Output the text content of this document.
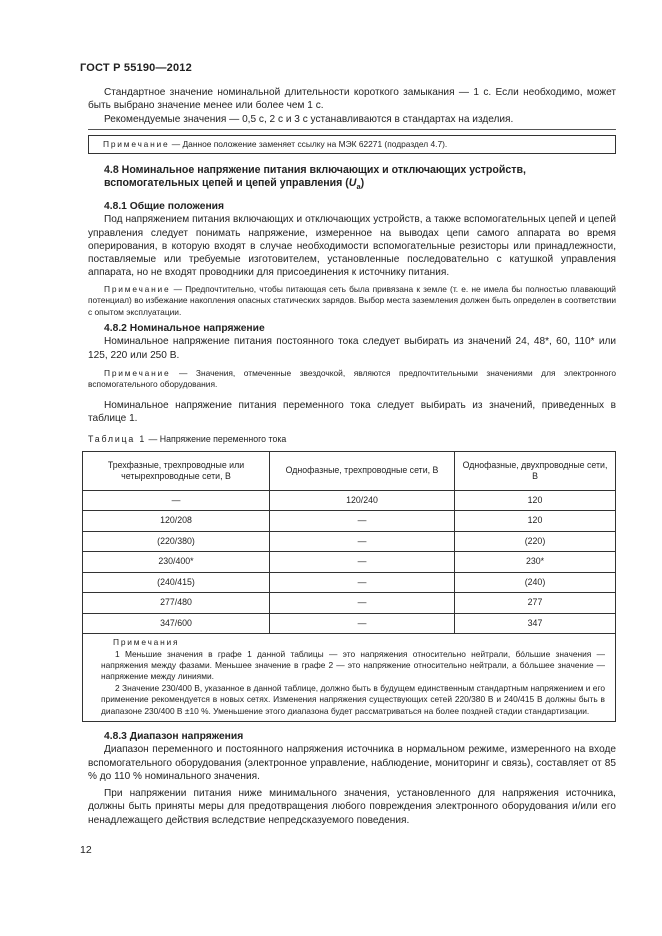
ГОСТ Р 55190—2012

Стандартное значение номинальной длительности короткого замыкания — 1 с. Если необходимо, может быть выбрано значение менее или более чем 1 с.

Рекомендуемые значения — 0,5 с, 2 с и 3 с устанавливаются в стандартах на изделия.

Примечание — Данное положение заменяет ссылку на МЭК 62271 (подраздел 4.7).

4.8 Номинальное напряжение питания включающих и отключающих устройств, вспомогательных цепей и цепей управления $(U_a)$

4.8.1 Общие положения

Под напряжением питания включающих и отключающих устройств, а также вспомогательных цепей и цепей управления следует понимать напряжение, измеренное на выводах цепи самого аппарата во время оперирования, в которую входят в случае необходимости вспомогательные резисторы или принадлежности, поставляемые или требуемые изготовителем, установленные последовательно с катушкой управления аппарата, но не входят проводники для присоединения к источнику питания.

Примечание — Предпочтительно, чтобы питающая сеть была привязана к земле (т. е. не имела бы полностью плавающий потенциал) во избежание накопления опасных статических зарядов. Выбор места заземления должен быть определен в соответствии с опытом эксплуатации.

4.8.2 Номинальное напряжение

Номинальное напряжение питания постоянного тока следует выбирать из значений 24, 48*, 60, 110* или 125, 220 или 250 В.

Примечание — Значения, отмеченные звездочкой, являются предпочтительными значениями для электронного вспомогательного оборудования.

Номинальное напряжение питания переменного тока следует выбирать из значений, приведенных в таблице 1.

Таблица 1 — Напряжение переменного тока

Трехфазные, трехпроводные или четырехпроводные сети, В	Однофазные, трехпроводные сети, В	Однофазные, двухпроводные сети, В
—	120/240	120
120/208	—	120
(220/380)	—	(220)
230/400*	—	230*
(240/415)	—	(240)
277/480	—	277
347/600	—	347

Примечания

1 Меньшие значения в графе 1 данной таблицы — это напряжения относительно нейтрали, бóльшие значения — напряжения между фазами. Меньшее значение в графе 2 — это напряжение относительно нейтрали, а бóльшее значение — напряжение между линиями.

2 Значение 230/400 В, указанное в данной таблице, должно быть в будущем единственным стандартным напряжением и его применение рекомендуется в новых сетях. Изменения напряжения существующих сетей 220/380 В и 240/415 В должны быть в диапазоне 230/400 В ±10 %. Уменьшение этого диапазона будет рассматриваться на более поздней стадии стандартизации.

4.8.3 Диапазон напряжения

Диапазон переменного и постоянного напряжения источника в нормальном режиме, измеренного на входе вспомогательного оборудования (электронное управление, наблюдение, мониторинг и связь), составляет от 85 % до 110 % номинального значения.

При напряжении питания ниже минимального значения, установленного для напряжения источника, должны быть приняты меры для предотвращения любого повреждения электронного оборудования и/или его ненадлежащего действия вследствие непредсказуемого поведения.

12
